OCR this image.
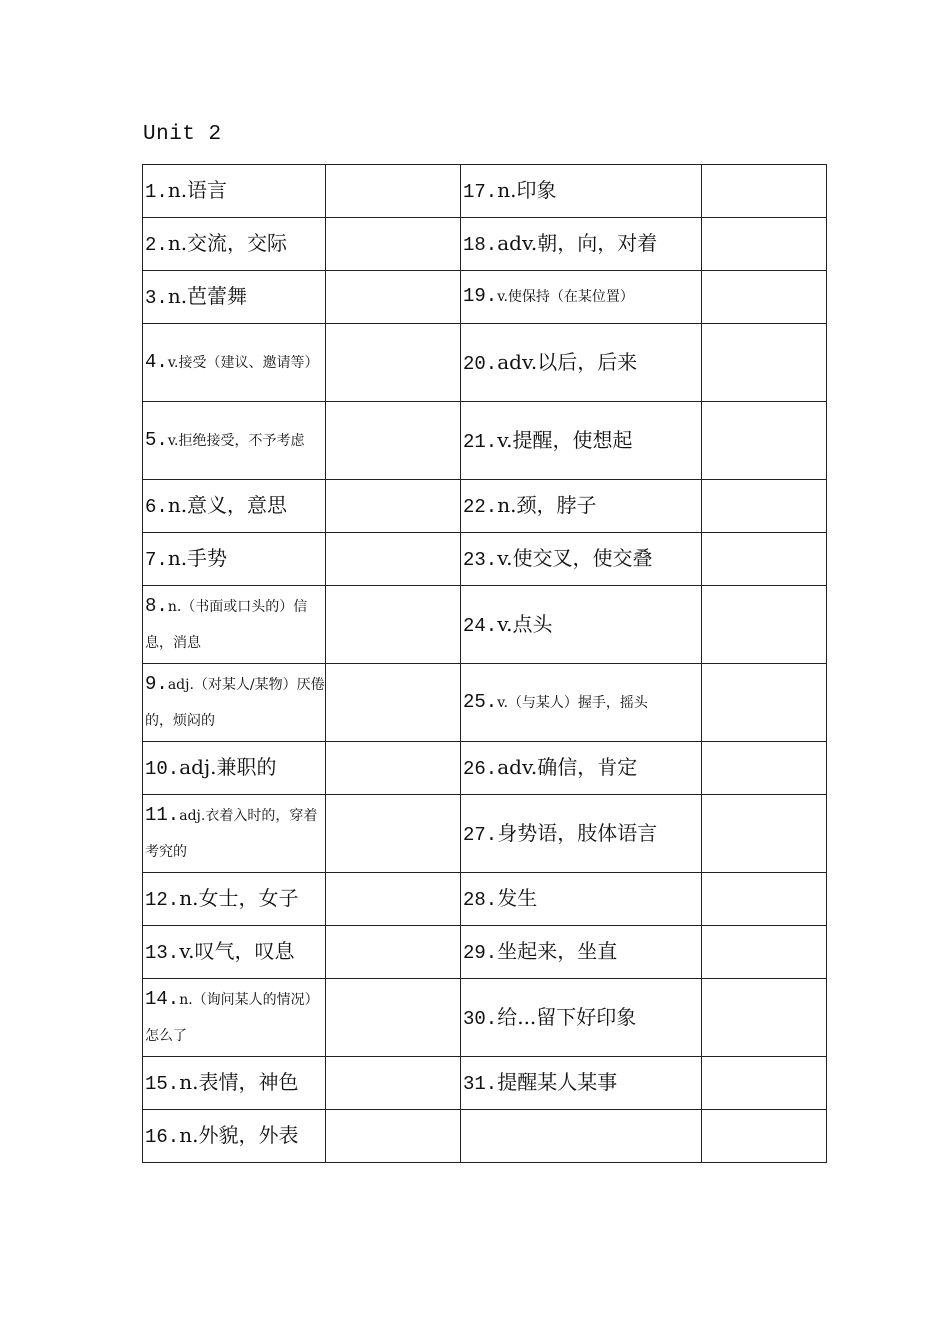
Unit 2
1.n.语言		17.n.印象	
2.n.交流，交际		18.adv.朝，向，对着	
3.n.芭蕾舞		19.v.使保持（在某位置）	

4.v.接受（建议、邀请等）		20.adv.以后，后来	

5.v.拒绝接受，不予考虑		21.v.提醒，使想起	
6.n.意义，意思		22.n.颈，脖子	
7.n.手势		23.v.使交叉，使交叠	

8.n.（书面或口头的）信息，消息		24.v.点头	

9.adj.（对某人/某物）厌倦的，烦闷的		25.v.（与某人）握手，摇头	
10.adj.兼职的		26.adv.确信，肯定	

11.adj.衣着入时的，穿着考究的		27.身势语，肢体语言	
12.n.女士，女子		28.发生	
13.v.叹气，叹息		29.坐起来，坐直	

14.n.（询问某人的情况）怎么了		30.给...留下好印象	
15.n.表情，神色		31.提醒某人某事	
16.n.外貌，外表			
